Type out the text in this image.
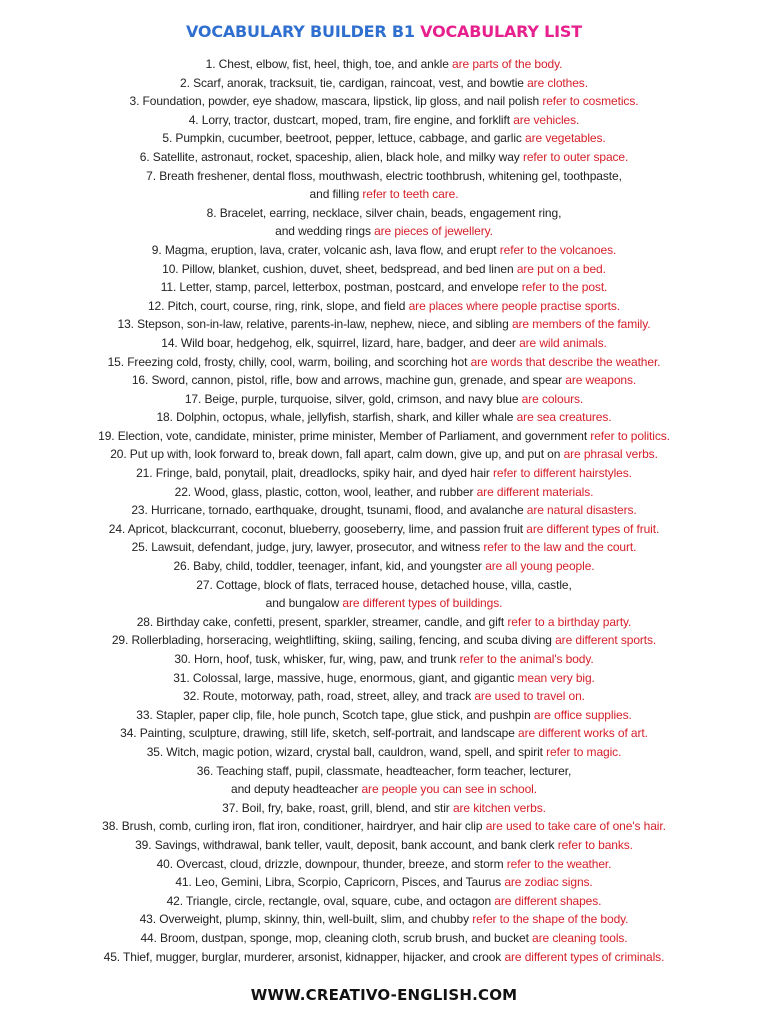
VOCABULARY BUILDER B1 VOCABULARY LIST
1. Chest, elbow, fist, heel, thigh, toe, and ankle are parts of the body.
2. Scarf, anorak, tracksuit, tie, cardigan, raincoat, vest, and bowtie are clothes.
3. Foundation, powder, eye shadow, mascara, lipstick, lip gloss, and nail polish refer to cosmetics.
4. Lorry, tractor, dustcart, moped, tram, fire engine, and forklift are vehicles.
5. Pumpkin, cucumber, beetroot, pepper, lettuce, cabbage, and garlic are vegetables.
6. Satellite, astronaut, rocket, spaceship, alien, black hole, and milky way refer to outer space.
7. Breath freshener, dental floss, mouthwash, electric toothbrush, whitening gel, toothpaste,
and filling refer to teeth care.
8. Bracelet, earring, necklace, silver chain, beads, engagement ring,
and wedding rings are pieces of jewellery.
9. Magma, eruption, lava, crater, volcanic ash, lava flow, and erupt refer to the volcanoes.
10. Pillow, blanket, cushion, duvet, sheet, bedspread, and bed linen are put on a bed.
11. Letter, stamp, parcel, letterbox, postman, postcard, and envelope refer to the post.
12. Pitch, court, course, ring, rink, slope, and field are places where people practise sports.
13. Stepson, son-in-law, relative, parents-in-law, nephew, niece, and sibling are members of the family.
14. Wild boar, hedgehog, elk, squirrel, lizard, hare, badger, and deer are wild animals.
15. Freezing cold, frosty, chilly, cool, warm, boiling, and scorching hot are words that describe the weather.
16. Sword, cannon, pistol, rifle, bow and arrows, machine gun, grenade, and spear are weapons.
17. Beige, purple, turquoise, silver, gold, crimson, and navy blue are colours.
18. Dolphin, octopus, whale, jellyfish, starfish, shark, and killer whale are sea creatures.
19. Election, vote, candidate, minister, prime minister, Member of Parliament, and government refer to politics.
20. Put up with, look forward to, break down, fall apart, calm down, give up, and put on are phrasal verbs.
21. Fringe, bald, ponytail, plait, dreadlocks, spiky hair, and dyed hair refer to different hairstyles.
22. Wood, glass, plastic, cotton, wool, leather, and rubber are different materials.
23. Hurricane, tornado, earthquake, drought, tsunami, flood, and avalanche are natural disasters.
24. Apricot, blackcurrant, coconut, blueberry, gooseberry, lime, and passion fruit are different types of fruit.
25. Lawsuit, defendant, judge, jury, lawyer, prosecutor, and witness refer to the law and the court.
26. Baby, child, toddler, teenager, infant, kid, and youngster are all young people.
27. Cottage, block of flats, terraced house, detached house, villa, castle,
and bungalow are different types of buildings.
28. Birthday cake, confetti, present, sparkler, streamer, candle, and gift refer to a birthday party.
29. Rollerblading, horseracing, weightlifting, skiing, sailing, fencing, and scuba diving are different sports.
30. Horn, hoof, tusk, whisker, fur, wing, paw, and trunk refer to the animal's body.
31. Colossal, large, massive, huge, enormous, giant, and gigantic mean very big.
32. Route, motorway, path, road, street, alley, and track are used to travel on.
33. Stapler, paper clip, file, hole punch, Scotch tape, glue stick, and pushpin are office supplies.
34. Painting, sculpture, drawing, still life, sketch, self-portrait, and landscape are different works of art.
35. Witch, magic potion, wizard, crystal ball, cauldron, wand, spell, and spirit refer to magic.
36. Teaching staff, pupil, classmate, headteacher, form teacher, lecturer,
and deputy headteacher are people you can see in school.
37. Boil, fry, bake, roast, grill, blend, and stir are kitchen verbs.
38. Brush, comb, curling iron, flat iron, conditioner, hairdryer, and hair clip are used to take care of one's hair.
39. Savings, withdrawal, bank teller, vault, deposit, bank account, and bank clerk refer to banks.
40. Overcast, cloud, drizzle, downpour, thunder, breeze, and storm refer to the weather.
41. Leo, Gemini, Libra, Scorpio, Capricorn, Pisces, and Taurus are zodiac signs.
42. Triangle, circle, rectangle, oval, square, cube, and octagon are different shapes.
43. Overweight, plump, skinny, thin, well-built, slim, and chubby refer to the shape of the body.
44. Broom, dustpan, sponge, mop, cleaning cloth, scrub brush, and bucket are cleaning tools.
45. Thief, mugger, burglar, murderer, arsonist, kidnapper, hijacker, and crook are different types of criminals.
WWW.CREATIVO-ENGLISH.COM
